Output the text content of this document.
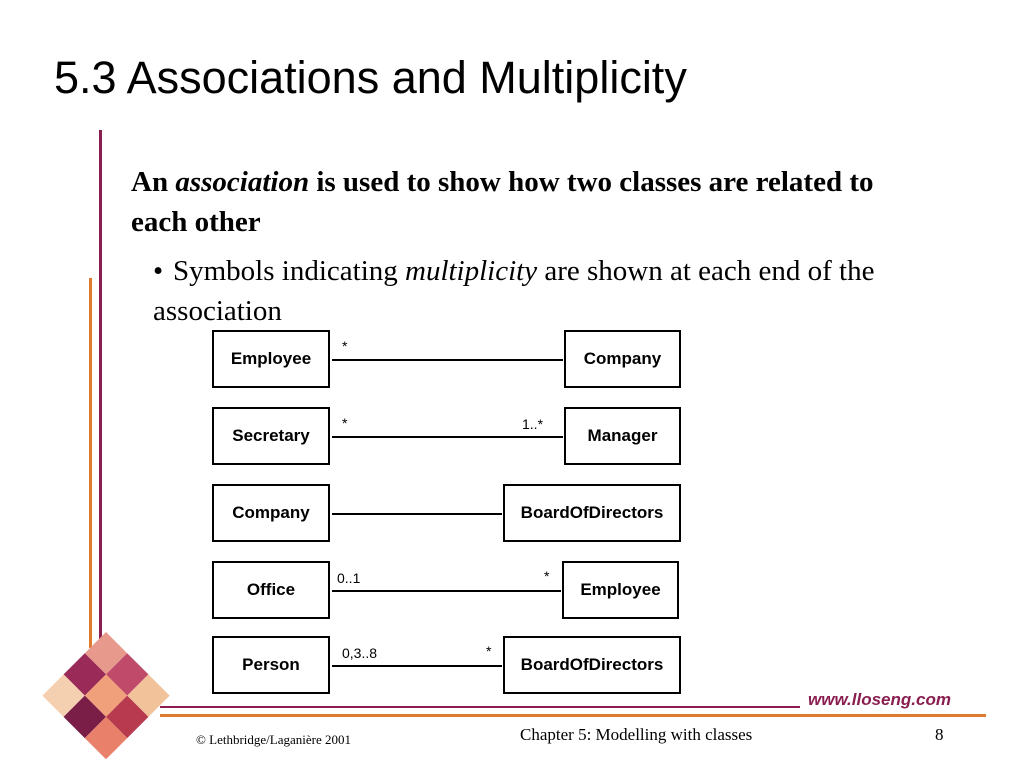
5.3 Associations and Multiplicity

An association is used to show how two classes are related to each other

• Symbols indicating multiplicity are shown at each end of the association

Employee	Company
*
Secretary	Manager
*	1..*
Company	BoardOfDirectors
Office	Employee
0..1	*
Person	BoardOfDirectors
0,3..8	*
www.lloseng.com
© Lethbridge/Laganière 2001	Chapter 5: Modelling with classes	8
